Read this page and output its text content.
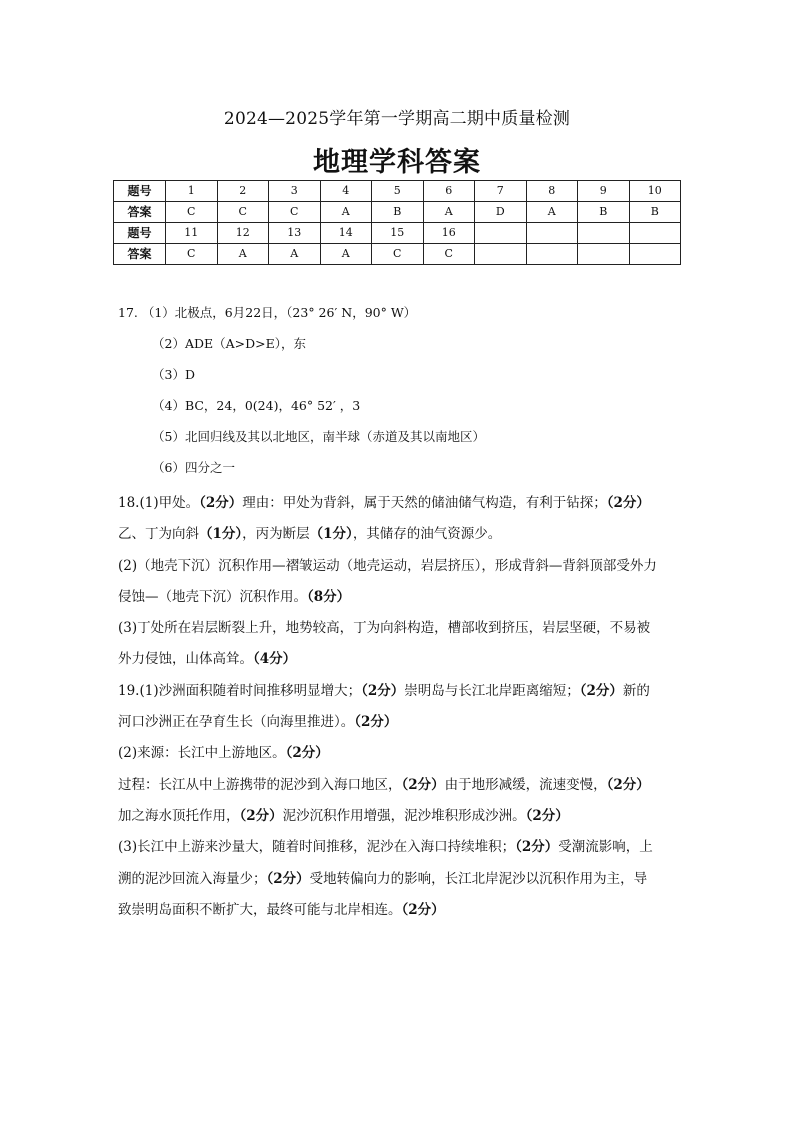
2024—2025学年第一学期高二期中质量检测
地理学科答案
题号	1	2	3	4	5	6	7	8	9	10
答案	C	C	C	A	B	A	D	A	B	B
题号	11	12	13	14	15	16				
答案	C	A	A	A	C	C				
17. （1）北极点，6月22日，（23° 26′ N，90° W）
（2）ADE（A>D>E），东
（3）D
（4）BC，24，0(24)，46° 52′ ，3
（5）北回归线及其以北地区，南半球（赤道及其以南地区）
（6）四分之一

18.(1)甲处。（2分）理由：甲处为背斜，属于天然的储油储气构造，有利于钻探；（2分）

乙、丁为向斜（1分），丙为断层（1分），其储存的油气资源少。

(2)（地壳下沉）沉积作用—褶皱运动（地壳运动，岩层挤压），形成背斜—背斜顶部受外力

侵蚀—（地壳下沉）沉积作用。（8分）

(3)丁处所在岩层断裂上升，地势较高，丁为向斜构造，槽部收到挤压，岩层坚硬，不易被

外力侵蚀，山体高耸。（4分）

19.(1)沙洲面积随着时间推移明显增大；（2分）崇明岛与长江北岸距离缩短；（2分）新的

河口沙洲正在孕育生长（向海里推进）。（2分）

(2)来源：长江中上游地区。（2分）

过程：长江从中上游携带的泥沙到入海口地区，（2分）由于地形减缓，流速变慢，（2分）

加之海水顶托作用，（2分）泥沙沉积作用增强，泥沙堆积形成沙洲。（2分）

(3)长江中上游来沙量大，随着时间推移，泥沙在入海口持续堆积；（2分）受潮流影响，上

溯的泥沙回流入海量少；（2分）受地转偏向力的影响，长江北岸泥沙以沉积作用为主，导

致崇明岛面积不断扩大，最终可能与北岸相连。（2分）
